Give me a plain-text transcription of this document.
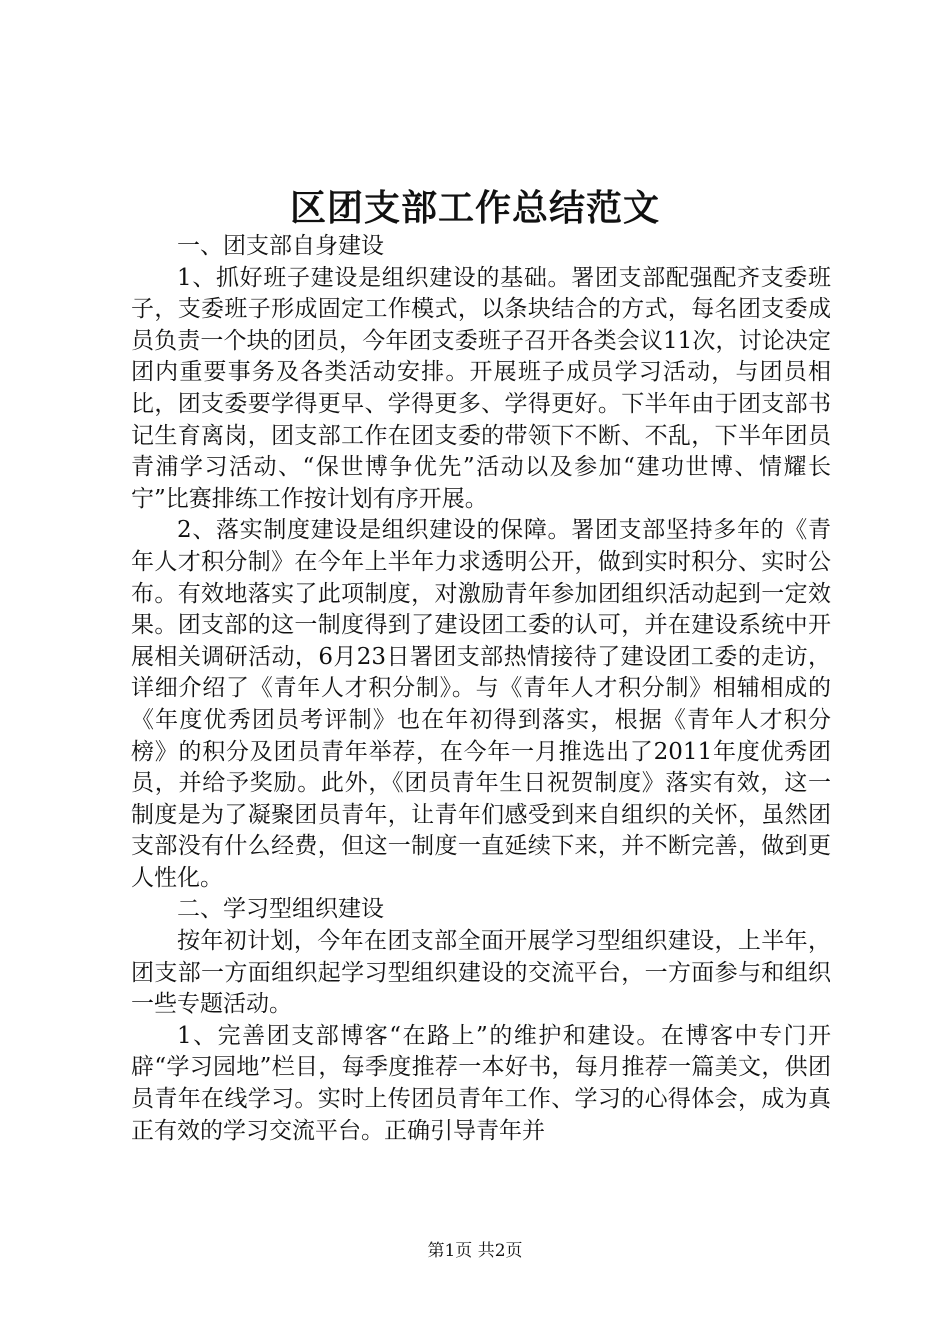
区团支部工作总结范文

一、团支部自身建设

1、抓好班子建设是组织建设的基础。署团支部配强配齐支委班子，支委班子形成固定工作模式，以条块结合的方式，每名团支委成员负责一个块的团员，今年团支委班子召开各类会议11次，讨论决定团内重要事务及各类活动安排。开展班子成员学习活动，与团员相比，团支委要学得更早、学得更多、学得更好。下半年由于团支部书记生育离岗，团支部工作在团支委的带领下不断、不乱，下半年团员青浦学习活动、“保世博争优先”活动以及参加“建功世博、情耀长宁”比赛排练工作按计划有序开展。

2、落实制度建设是组织建设的保障。署团支部坚持多年的《青年人才积分制》在今年上半年力求透明公开，做到实时积分、实时公布。有效地落实了此项制度，对激励青年参加团组织活动起到一定效果。团支部的这一制度得到了建设团工委的认可，并在建设系统中开展相关调研活动，6月23日署团支部热情接待了建设团工委的走访，详细介绍了《青年人才积分制》。与《青年人才积分制》相辅相成的《年度优秀团员考评制》也在年初得到落实，根据《青年人才积分榜》的积分及团员青年举荐，在今年一月推选出了2011年度优秀团员，并给予奖励。此外，《团员青年生日祝贺制度》落实有效，这一制度是为了凝聚团员青年，让青年们感受到来自组织的关怀，虽然团支部没有什么经费，但这一制度一直延续下来，并不断完善，做到更人性化。

二、学习型组织建设

按年初计划，今年在团支部全面开展学习型组织建设，上半年，团支部一方面组织起学习型组织建设的交流平台，一方面参与和组织一些专题活动。

1、完善团支部博客“在路上”的维护和建设。在博客中专门开辟“学习园地”栏目，每季度推荐一本好书，每月推荐一篇美文，供团员青年在线学习。实时上传团员青年工作、学习的心得体会，成为真正有效的学习交流平台。正确引导青年并

第1页 共2页
